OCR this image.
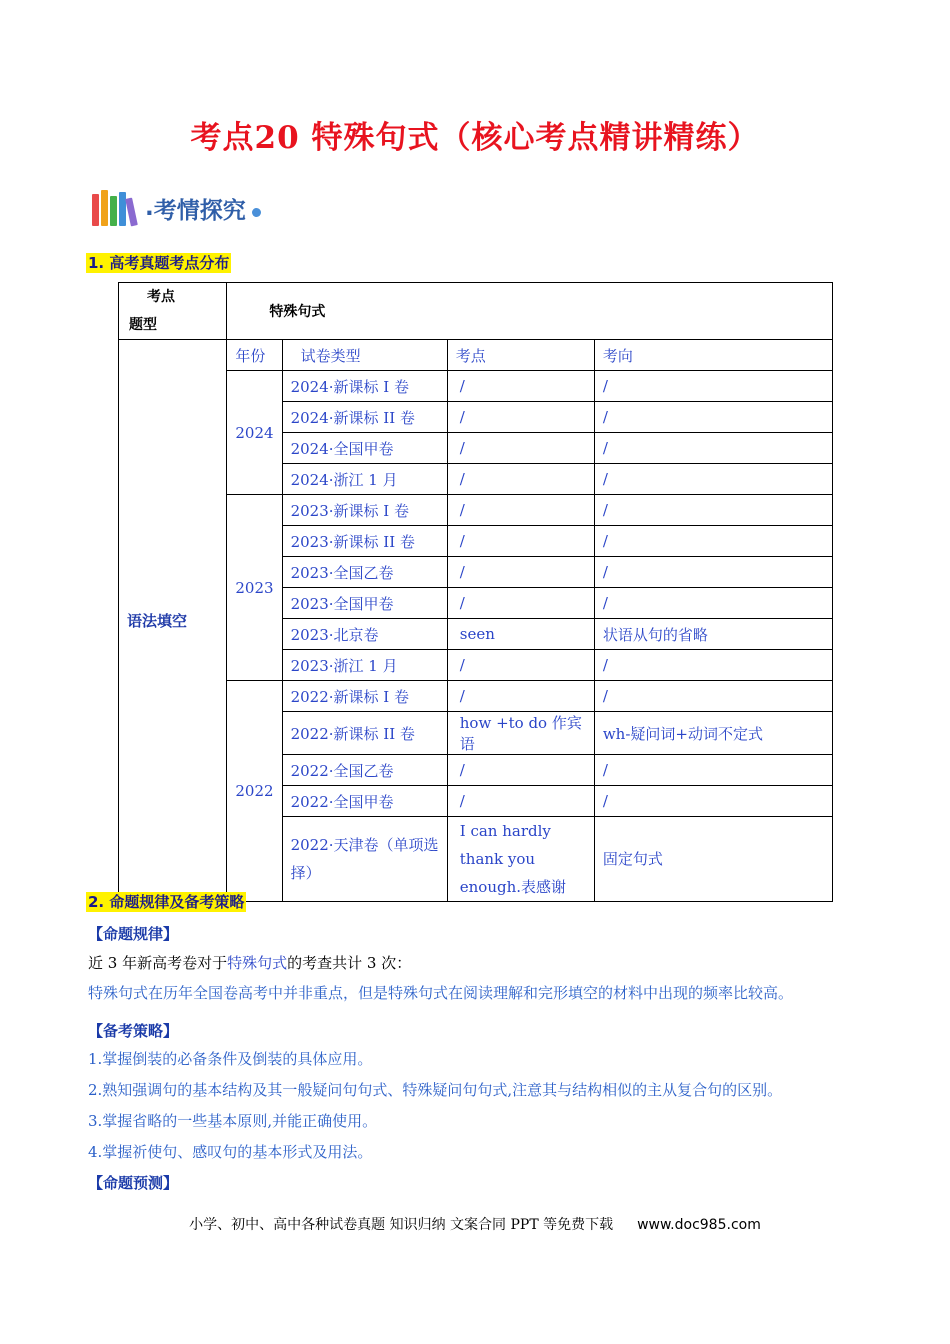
考点20 特殊句式（核心考点精讲精练）
. 考情探究
1. 高考真题考点分布
考点
题型	特殊句式			
语法填空	年份	试卷类型	考点	考向
	2024	2024·新课标 I 卷	/	/
		2024·新课标 II 卷	/	/
		2024·全国甲卷	/	/
		2024·浙江 1 月	/	/
	2023	2023·新课标 I 卷	/	/
		2023·新课标 II 卷	/	/
		2023·全国乙卷	/	/
		2023·全国甲卷	/	/
		2023·北京卷	seen	状语从句的省略
		2023·浙江 1 月	/	/
	2022	2022·新课标 I 卷	/	/
		2022·新课标 II 卷	how +to do 作宾语	wh-疑问词+动词不定式
		2022·全国乙卷	/	/
		2022·全国甲卷	/	/
		2022·天津卷（单项选择）	I can hardly thank you enough.表感谢	固定句式
2. 命题规律及备考策略
【命题规律】
近 3 年新高考卷对于特殊句式的考查共计 3 次：
特殊句式在历年全国卷高考中并非重点，但是特殊句式在阅读理解和完形填空的材料中出现的频率比较高。
【备考策略】
1.掌握倒装的必备条件及倒装的具体应用。
2.熟知强调句的基本结构及其一般疑问句句式、特殊疑问句句式,注意其与结构相似的主从复合句的区别。
3.掌握省略的一些基本原则,并能正确使用。
4.掌握祈使句、感叹句的基本形式及用法。
【命题预测】
小学、初中、高中各种试卷真题 知识归纳 文案合同 PPT 等免费下载 www.doc985.com
